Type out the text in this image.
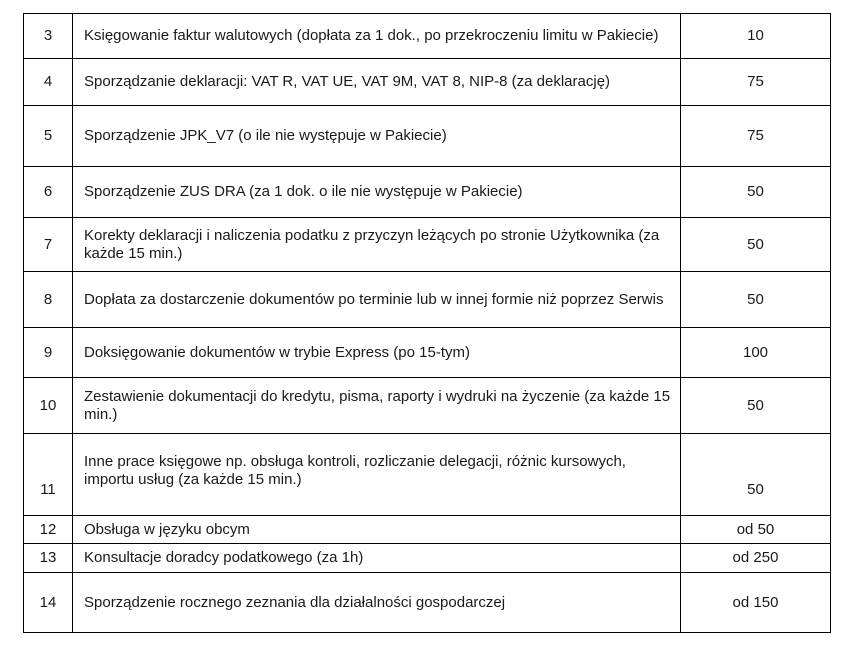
3	Księgowanie faktur walutowych (dopłata za 1 dok., po przekroczeniu limitu w Pakiecie)	10
4	Sporządzanie deklaracji: VAT R, VAT UE, VAT 9M, VAT 8, NIP-8 (za deklarację)	75
5	Sporządzenie JPK_V7 (o ile nie występuje w Pakiecie)	75
6	Sporządzenie ZUS DRA (za 1 dok. o ile nie występuje w Pakiecie)	50
7	Korekty deklaracji i naliczenia podatku z przyczyn leżących po stronie Użytkownika (za każde 15 min.)	50
8	Dopłata za dostarczenie dokumentów po terminie lub w innej formie niż poprzez Serwis	50
9	Doksięgowanie dokumentów w trybie Express (po 15-tym)	100
10	Zestawienie dokumentacji do kredytu, pisma, raporty i wydruki na życzenie (za każde 15 min.)	50

11	Inne prace księgowe np. obsługa kontroli, rozliczanie delegacji, różnic kursowych, importu usług (za każde 15 min.)	50

12	Obsługa w języku obcym	od 50
13	Konsultacje doradcy podatkowego (za 1h)	od 250
14	Sporządzenie rocznego zeznania dla działalności gospodarczej	od 150
